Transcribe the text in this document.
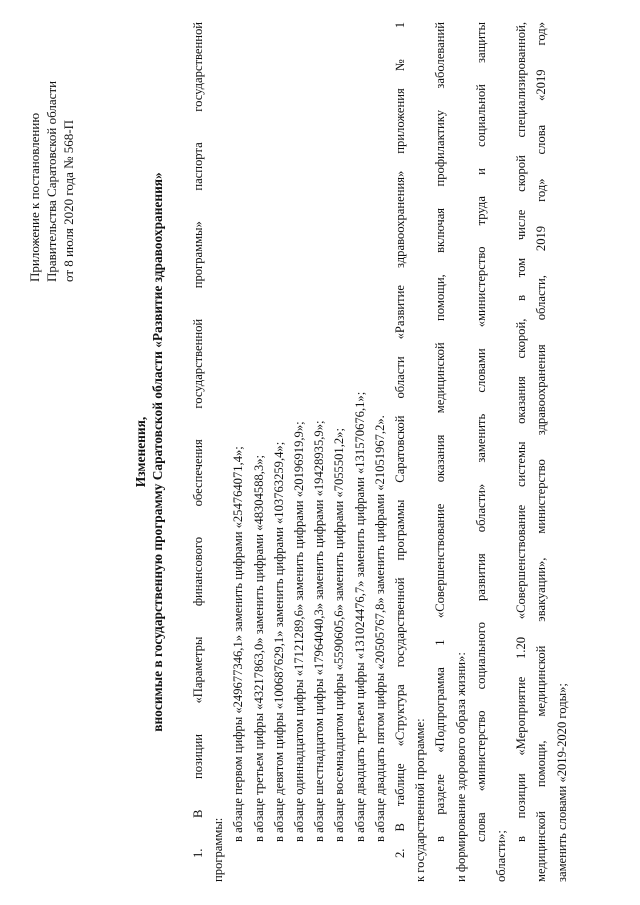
Приложение к постановлению Правительства Саратовской области от 8 июля 2020 года № 568-П
Изменения, вносимые в государственную программу Саратовской области «Развитие здравоохранения» 1. В позиции «Параметры финансового обеспечения государственной программы» паспорта государственной программы:
в абзаце первом цифры «249677346,1» заменить цифрами «254764071,4»; в абзаце третьем цифры «43217863,0» заменить цифрами «48304588,3»; в абзаце девятом цифры «100687629,1» заменить цифрами «103763259,4»; в абзаце одиннадцатом цифры «17121289,6» заменить цифрами «20196919,9»; в абзаце шестнадцатом цифры «17964040,3» заменить цифрами «19428935,9»; в абзаце восемнадцатом цифры «5590605,6» заменить цифрами «7055501,2»; в абзаце двадцать третьем цифры «131024476,7» заменить цифрами «131570676,1»; в абзаце двадцать пятом цифры «20505767,8» заменить цифрами «21051967,2». 2. В таблице «Структура государственной программы Саратовской области «Развитие здравоохранения» приложения № 1 к государственной программе: в разделе «Подпрограмма 1 «Совершенствование оказания медицинской помощи, включая профилактику заболеваний и формирование здорового образа жизни»: слова «министерство социального развития области» заменить словами «министерство труда и социальной защиты
области»;
в позиции «Мероприятие 1.20 «Совершенствование системы оказания скорой, в том числе скорой специализированной, медицинской помощи, медицинской эвакуации», министерство здравоохранения области, 2019 год» слова «2019 год» заменить словами «2019-2020 годы»;
